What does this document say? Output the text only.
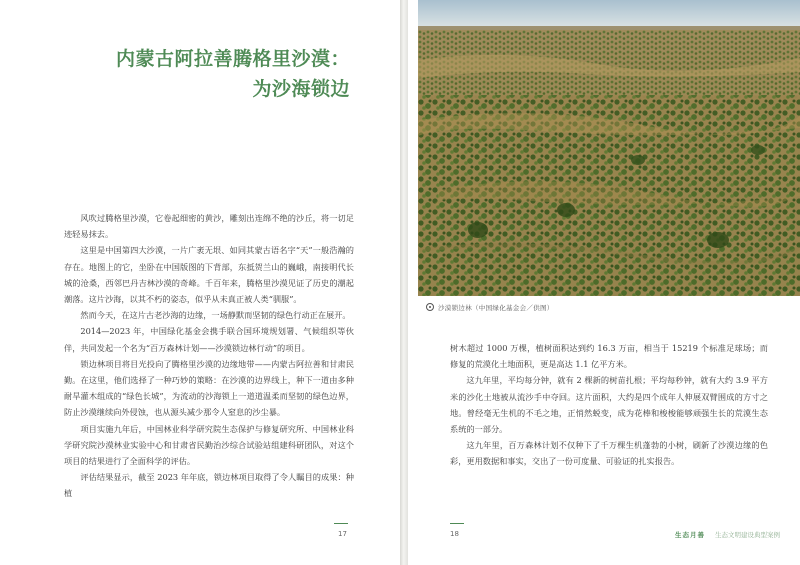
内蒙古阿拉善腾格里沙漠：
为沙海锁边

风吹过腾格里沙漠，它卷起细密的黄沙，雕刻出连绵不绝的沙丘，将一切足迹轻易抹去。

这里是中国第四大沙漠，一片广袤无垠、如同其蒙古语名字“天”一般浩瀚的存在。地图上的它，坐卧在中国版图的下背部，东抵贺兰山的巍峨，南接明代长城的沧桑，西邻巴丹吉林沙漠的奇峰。千百年来，腾格里沙漠见证了历史的潮起潮落。这片沙海，以其不朽的姿态，似乎从未真正被人类“驯服”。

然而今天，在这片古老沙海的边缘，一场静默而坚韧的绿色行动正在展开。

2014—2023 年，中国绿化基金会携手联合国环境规划署、气候组织等伙伴，共同发起一个名为“百万森林计划——沙漠锁边林行动”的项目。

锁边林项目将目光投向了腾格里沙漠的边缘地带——内蒙古阿拉善和甘肃民勤。在这里，他们选择了一种巧妙的策略：在沙漠的边界线上，种下一道由多种耐旱灌木组成的“绿色长城”，为流动的沙海锁上一道道温柔而坚韧的绿色边界，防止沙漠继续向外侵蚀，也从源头减少那令人窒息的沙尘暴。

项目实施九年后，中国林业科学研究院生态保护与修复研究所、中国林业科学研究院沙漠林业实验中心和甘肃省民勤治沙综合试验站组建科研团队，对这个项目的结果进行了全面科学的评估。

评估结果显示，截至 2023 年年底，锁边林项目取得了令人瞩目的成果：种植

17
沙漠锁边林（中国绿化基金会／供图）

树木超过 1000 万棵，植树面积达到约 16.3 万亩，相当于 15219 个标准足球场；而修复的荒漠化土地面积，更是高达 1.1 亿平方米。

这九年里，平均每分钟，就有 2 棵新的树苗扎根；平均每秒钟，就有大约 3.9 平方米的沙化土地被从流沙手中夺回。这片面积，大约是四个成年人伸展双臂围成的方寸之地。曾经毫无生机的不毛之地，正悄然蜕变，成为花棒和梭梭能够顽强生长的荒漠生态系统的一部分。

这九年里，百万森林计划不仅种下了千万棵生机蓬勃的小树，刷新了沙漠边缘的色彩，更用数据和事实，交出了一份可度量、可验证的扎实报告。

18	生态月善 生态文明建设典型案例
